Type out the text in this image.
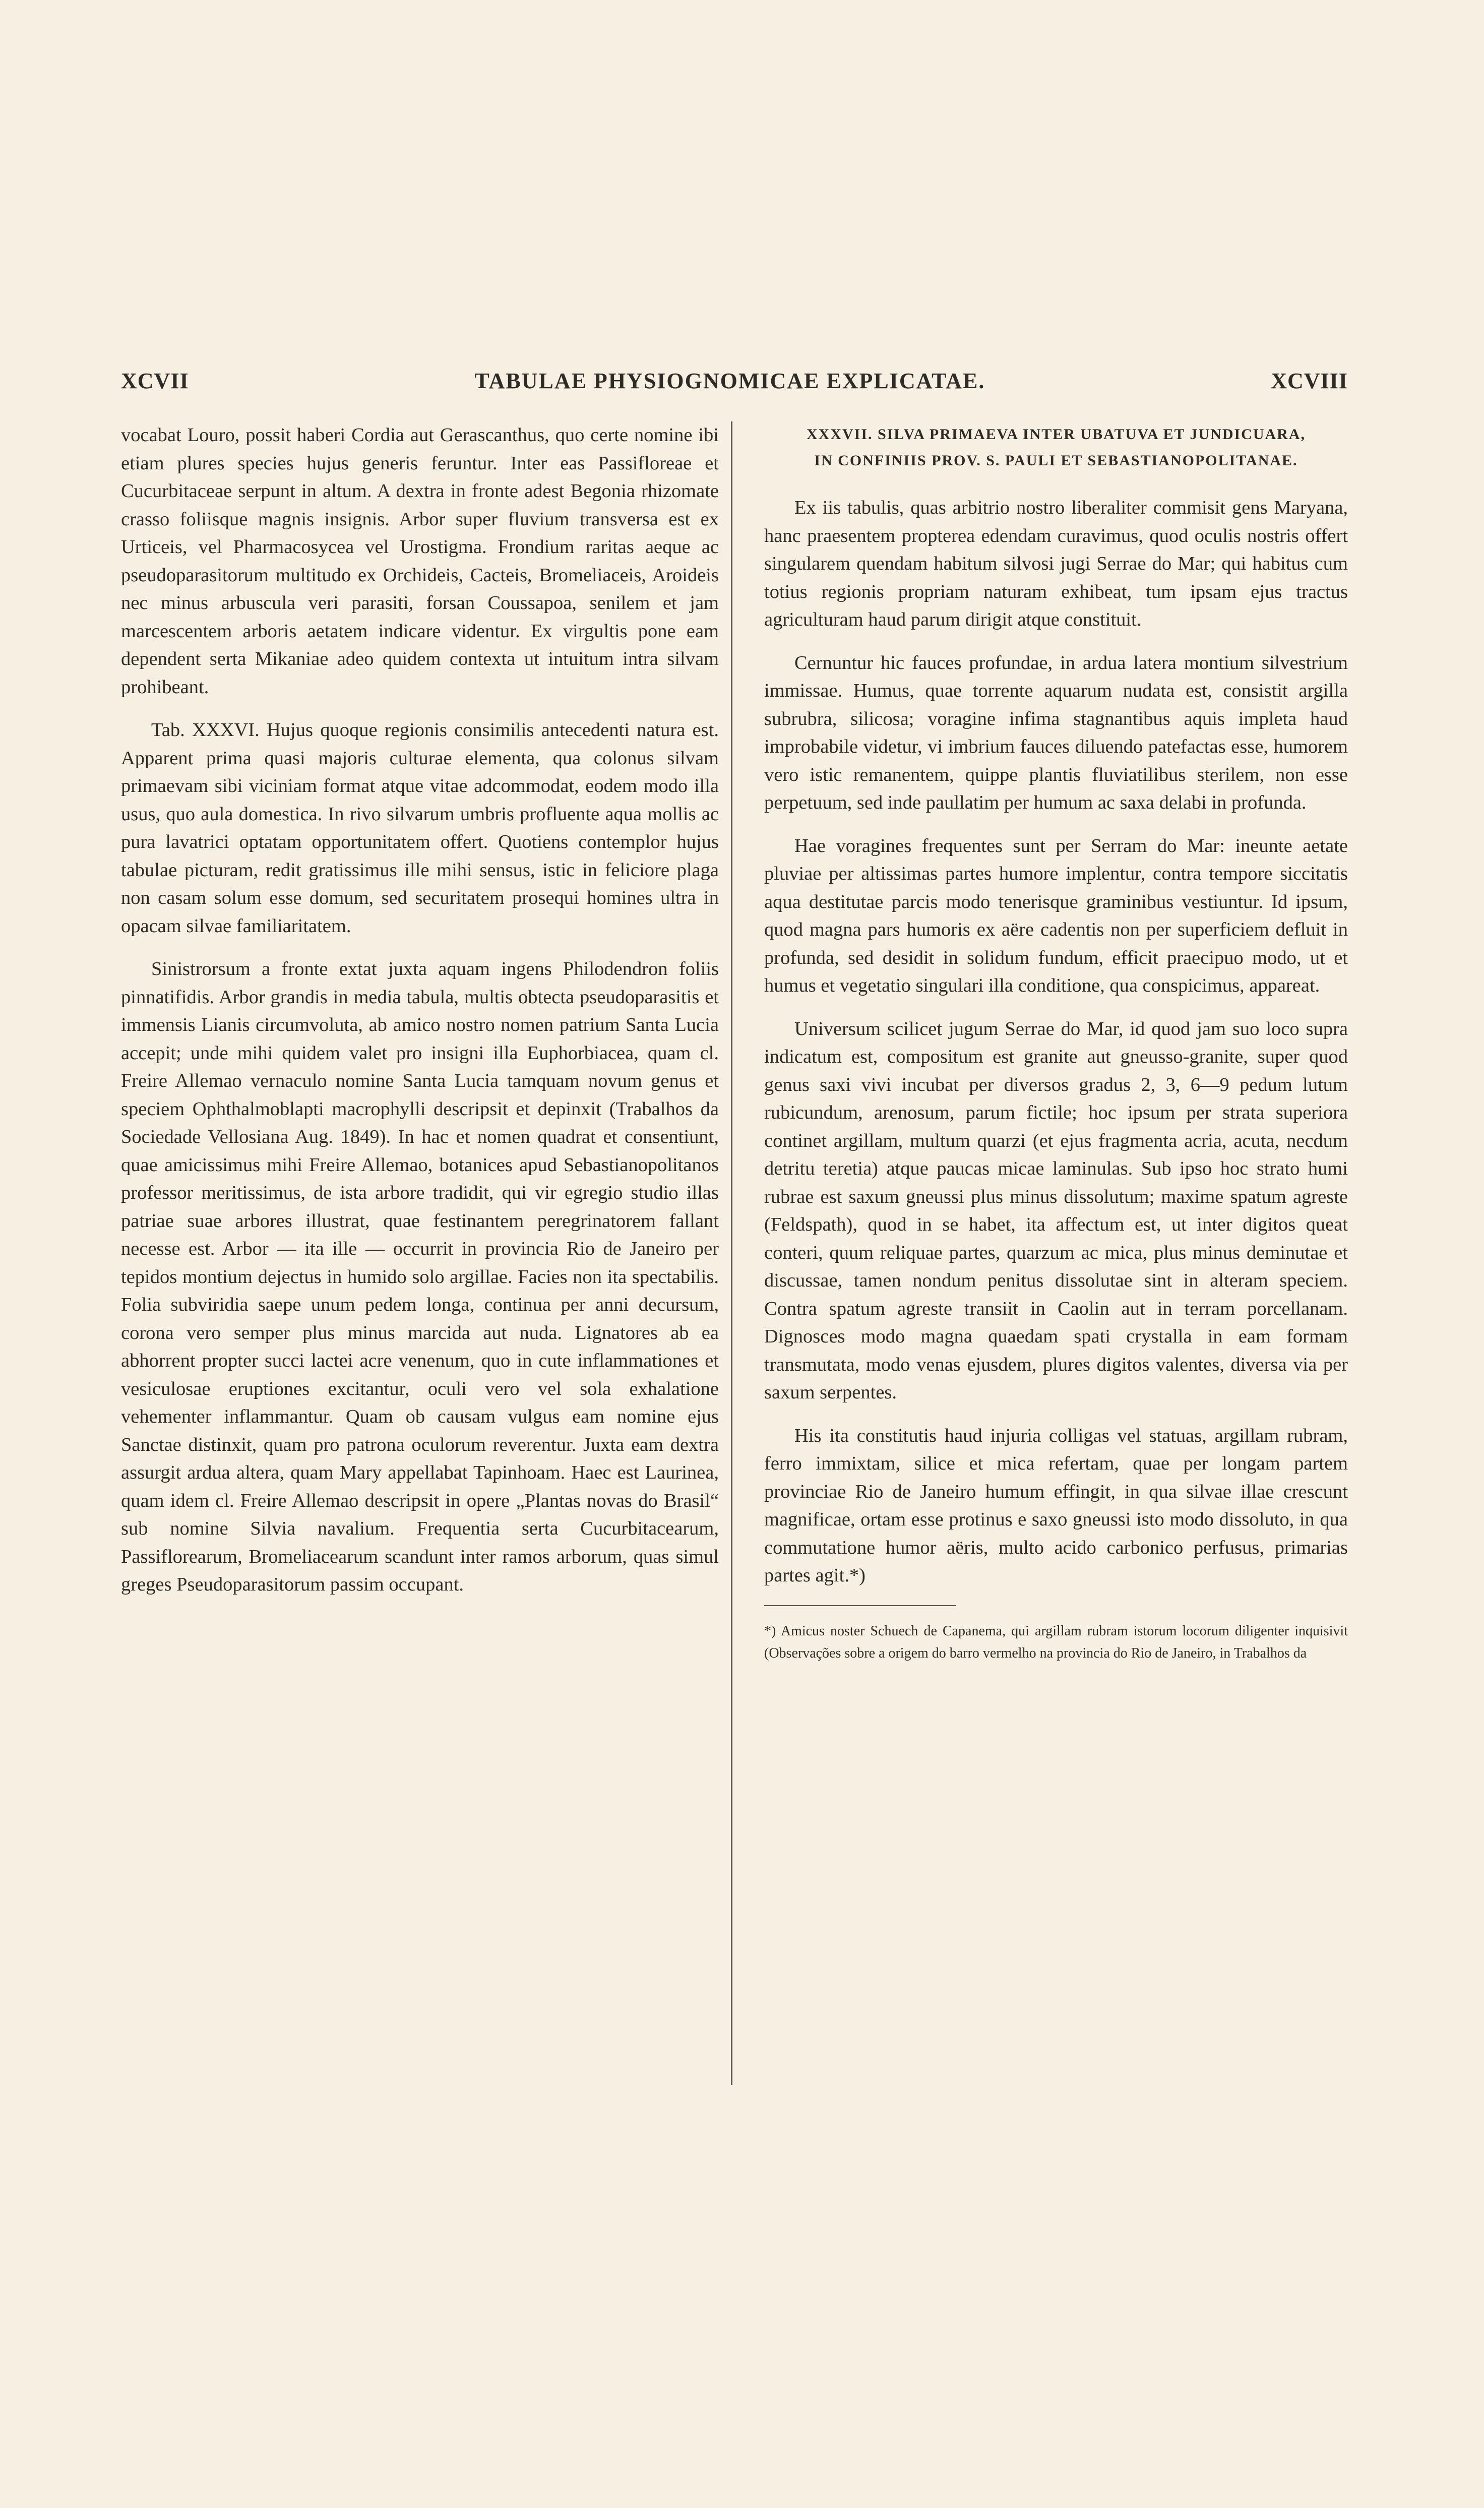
XCVII	TABULAE PHYSIOGNOMICAE EXPLICATAE.	XCVIII

vocabat Louro, possit haberi Cordia aut Gerascanthus, quo certe nomine ibi etiam plures species hujus generis feruntur. Inter eas Passifloreae et Cucurbitaceae serpunt in altum. A dextra in fronte adest Begonia rhizomate crasso foliisque magnis insignis. Arbor super fluvium transversa est ex Urticeis, vel Pharmacosycea vel Urostigma. Frondium raritas aeque ac pseudoparasitorum multitudo ex Orchideis, Cacteis, Bromeliaceis, Aroideis nec minus arbuscula veri parasiti, forsan Coussapoa, senilem et jam marcescentem arboris aetatem indicare videntur. Ex virgultis pone eam dependent serta Mikaniae adeo quidem contexta ut intuitum intra silvam prohibeant.

Tab. XXXVI. Hujus quoque regionis consimilis antecedenti natura est. Apparent prima quasi majoris culturae elementa, qua colonus silvam primaevam sibi viciniam format atque vitae adcommodat, eodem modo illa usus, quo aula domestica. In rivo silvarum umbris profluente aqua mollis ac pura lavatrici optatam opportunitatem offert. Quotiens contemplor hujus tabulae picturam, redit gratissimus ille mihi sensus, istic in feliciore plaga non casam solum esse domum, sed securitatem prosequi homines ultra in opacam silvae familiaritatem.

Sinistrorsum a fronte extat juxta aquam ingens Philodendron foliis pinnatifidis. Arbor grandis in media tabula, multis obtecta pseudoparasitis et immensis Lianis circumvoluta, ab amico nostro nomen patrium Santa Lucia accepit; unde mihi quidem valet pro insigni illa Euphorbiacea, quam cl. Freire Allemao vernaculo nomine Santa Lucia tamquam novum genus et speciem Ophthalmoblapti macrophylli descripsit et depinxit (Trabalhos da Sociedade Vellosiana Aug. 1849). In hac et nomen quadrat et consentiunt, quae amicissimus mihi Freire Allemao, botanices apud Sebastianopolitanos professor meritissimus, de ista arbore tradidit, qui vir egregio studio illas patriae suae arbores illustrat, quae festinantem peregrinatorem fallant necesse est. Arbor — ita ille — occurrit in provincia Rio de Janeiro per tepidos montium dejectus in humido solo argillae. Facies non ita spectabilis. Folia subviridia saepe unum pedem longa, continua per anni decursum, corona vero semper plus minus marcida aut nuda. Lignatores ab ea abhorrent propter succi lactei acre venenum, quo in cute inflammationes et vesiculosae eruptiones excitantur, oculi vero vel sola exhalatione vehementer inflammantur. Quam ob causam vulgus eam nomine ejus Sanctae distinxit, quam pro patrona oculorum reverentur. Juxta eam dextra assurgit ardua altera, quam Mary appellabat Tapinhoam. Haec est Laurinea, quam idem cl. Freire Allemao descripsit in opere „Plantas novas do Brasil“ sub nomine Silvia navalium. Frequentia serta Cucurbitacearum, Passiflorearum, Bromeliacearum scandunt inter ramos arborum, quas simul greges Pseudoparasitorum passim occupant.

XXXVII. SILVA PRIMAEVA INTER UBATUVA ET JUNDICUARA,
IN CONFINIIS PROV. S. PAULI ET SEBASTIANOPOLITANAE.

Ex iis tabulis, quas arbitrio nostro liberaliter commisit gens Maryana, hanc praesentem propterea edendam curavimus, quod oculis nostris offert singularem quendam habitum silvosi jugi Serrae do Mar; qui habitus cum totius regionis propriam naturam exhibeat, tum ipsam ejus tractus agriculturam haud parum dirigit atque constituit.

Cernuntur hic fauces profundae, in ardua latera montium silvestrium immissae. Humus, quae torrente aquarum nudata est, consistit argilla subrubra, silicosa; voragine infima stagnantibus aquis impleta haud improbabile videtur, vi imbrium fauces diluendo patefactas esse, humorem vero istic remanentem, quippe plantis fluviatilibus sterilem, non esse perpetuum, sed inde paullatim per humum ac saxa delabi in profunda.

Hae voragines frequentes sunt per Serram do Mar: ineunte aetate pluviae per altissimas partes humore implentur, contra tempore siccitatis aqua destitutae parcis modo tenerisque graminibus vestiuntur. Id ipsum, quod magna pars humoris ex aëre cadentis non per superficiem defluit in profunda, sed desidit in solidum fundum, efficit praecipuo modo, ut et humus et vegetatio singulari illa conditione, qua conspicimus, appareat.

Universum scilicet jugum Serrae do Mar, id quod jam suo loco supra indicatum est, compositum est granite aut gneusso-granite, super quod genus saxi vivi incubat per diversos gradus 2, 3, 6—9 pedum lutum rubicundum, arenosum, parum fictile; hoc ipsum per strata superiora continet argillam, multum quarzi (et ejus fragmenta acria, acuta, necdum detritu teretia) atque paucas micae laminulas. Sub ipso hoc strato humi rubrae est saxum gneussi plus minus dissolutum; maxime spatum agreste (Feldspath), quod in se habet, ita affectum est, ut inter digitos queat conteri, quum reliquae partes, quarzum ac mica, plus minus deminutae et discussae, tamen nondum penitus dissolutae sint in alteram speciem. Contra spatum agreste transiit in Caolin aut in terram porcellanam. Dignosces modo magna quaedam spati crystalla in eam formam transmutata, modo venas ejusdem, plures digitos valentes, diversa via per saxum serpentes.

His ita constitutis haud injuria colligas vel statuas, argillam rubram, ferro immixtam, silice et mica refertam, quae per longam partem provinciae Rio de Janeiro humum effingit, in qua silvae illae crescunt magnificae, ortam esse protinus e saxo gneussi isto modo dissoluto, in qua commutatione humor aëris, multo acido carbonico perfusus, primarias partes agit.*)

*) Amicus noster Schuech de Capanema, qui argillam rubram istorum locorum diligenter inquisivit (Observações sobre a origem do barro vermelho na provincia do Rio de Janeiro, in Trabalhos da
